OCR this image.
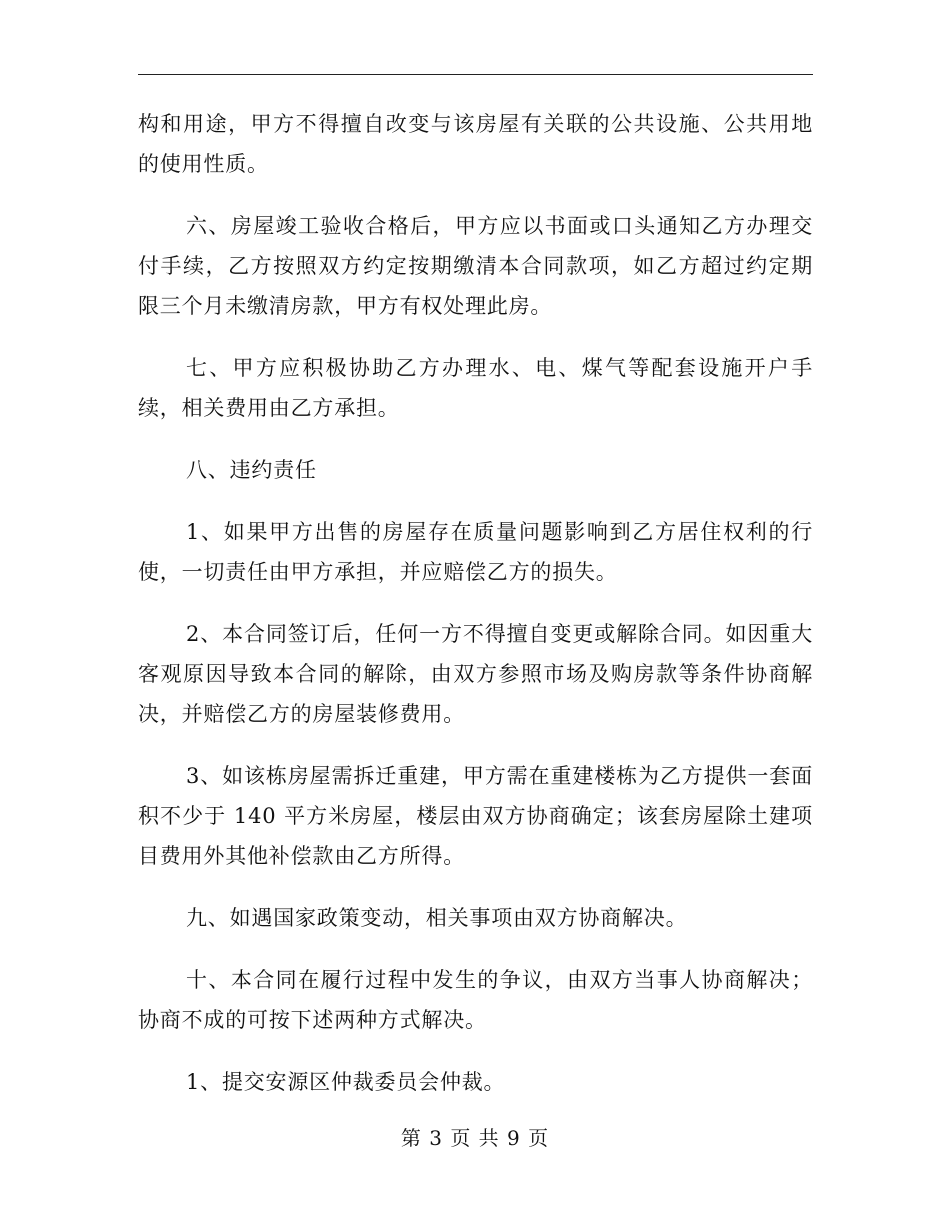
构和用途，甲方不得擅自改变与该房屋有关联的公共设施、公共用地的使用性质。

六、房屋竣工验收合格后，甲方应以书面或口头通知乙方办理交付手续，乙方按照双方约定按期缴清本合同款项，如乙方超过约定期限三个月未缴清房款，甲方有权处理此房。

七、甲方应积极协助乙方办理水、电、煤气等配套设施开户手续，相关费用由乙方承担。

八、违约责任

1、如果甲方出售的房屋存在质量问题影响到乙方居住权利的行使，一切责任由甲方承担，并应赔偿乙方的损失。

2、本合同签订后，任何一方不得擅自变更或解除合同。如因重大客观原因导致本合同的解除，由双方参照市场及购房款等条件协商解决，并赔偿乙方的房屋装修费用。

3、如该栋房屋需拆迁重建，甲方需在重建楼栋为乙方提供一套面积不少于 140 平方米房屋，楼层由双方协商确定；该套房屋除土建项目费用外其他补偿款由乙方所得。

九、如遇国家政策变动，相关事项由双方协商解决。

十、本合同在履行过程中发生的争议，由双方当事人协商解决；协商不成的可按下述两种方式解决。

1、提交安源区仲裁委员会仲裁。

第 3 页 共 9 页
